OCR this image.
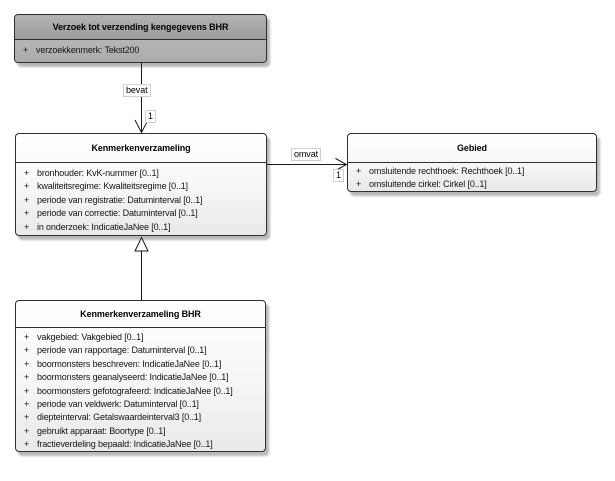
Verzoek tot verzending kengegevens BHR
+ verzoekkenmerk: Tekst200
Kenmerkenverzameling
+ bronhouder: KvK-nummer [0..1]
+ kwaliteitsregime: Kwaliteitsregime [0..1]
+ periode van registratie: Datuminterval [0..1]
+ periode van correctie: Datuminterval [0..1]
+ in onderzoek: IndicatieJaNee [0..1]
Gebied
+ omsluitende rechthoek: Rechthoek [0..1]
+ omsluitende cirkel: Cirkel [0..1]
Kenmerkenverzameling BHR
+ vakgebied: Vakgebied [0..1]
+ periode van rapportage: Datuminterval [0..1]
+ boormonsters beschreven: IndicatieJaNee [0..1]
+ boormonsters geanalyseerd: IndicatieJaNee [0..1]
+ boormonsters gefotografeerd: IndicatieJaNee [0..1]
+ periode van veldwerk: Datuminterval [0..1]
+ diepteinterval: Getalswaardeinterval3 [0..1]
+ gebruikt apparaat: Boortype [0..1]
+ fractieverdeling bepaald: IndicatieJaNee [0..1]
bevat
1
omvat
1
